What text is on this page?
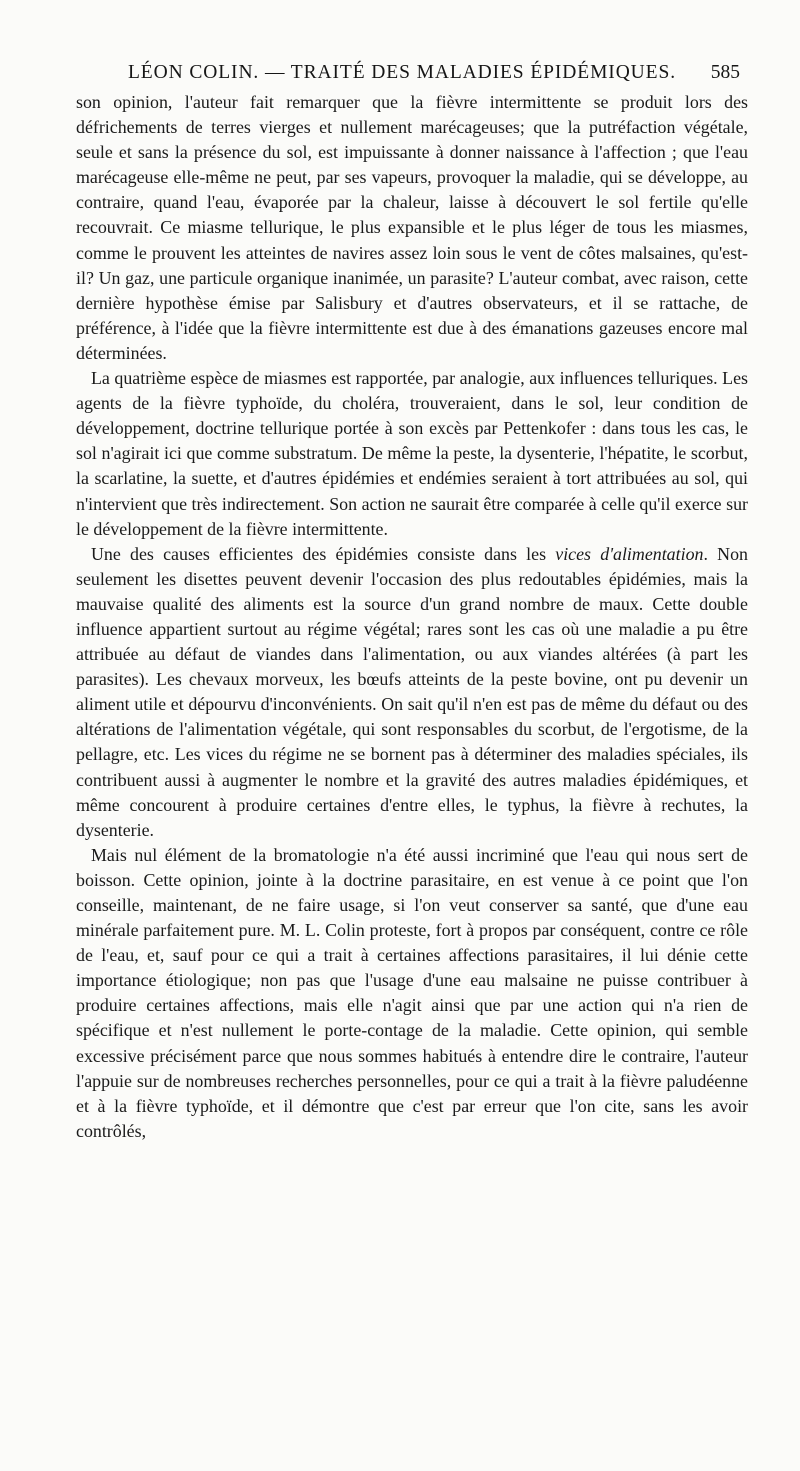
LÉON COLIN. — TRAITÉ DES MALADIES ÉPIDÉMIQUES.	585

son opinion, l'auteur fait remarquer que la fièvre intermittente se produit lors des défrichements de terres vierges et nullement marécageuses; que la putréfaction végétale, seule et sans la présence du sol, est impuissante à donner naissance à l'affection ; que l'eau marécageuse elle-même ne peut, par ses vapeurs, provoquer la maladie, qui se développe, au contraire, quand l'eau, évaporée par la chaleur, laisse à découvert le sol fertile qu'elle recouvrait. Ce miasme tellurique, le plus expansible et le plus léger de tous les miasmes, comme le prouvent les atteintes de navires assez loin sous le vent de côtes malsaines, qu'est-il? Un gaz, une particule organique inanimée, un parasite? L'auteur combat, avec raison, cette dernière hypothèse émise par Salisbury et d'autres observateurs, et il se rattache, de préférence, à l'idée que la fièvre intermittente est due à des émanations gazeuses encore mal déterminées.

La quatrième espèce de miasmes est rapportée, par analogie, aux influences telluriques. Les agents de la fièvre typhoïde, du choléra, trouveraient, dans le sol, leur condition de développement, doctrine tellurique portée à son excès par Pettenkofer : dans tous les cas, le sol n'agirait ici que comme substratum. De même la peste, la dysenterie, l'hépatite, le scorbut, la scarlatine, la suette, et d'autres épidémies et endémies seraient à tort attribuées au sol, qui n'intervient que très indirectement. Son action ne saurait être comparée à celle qu'il exerce sur le développement de la fièvre intermittente.

Une des causes efficientes des épidémies consiste dans les vices d'alimentation. Non seulement les disettes peuvent devenir l'occasion des plus redoutables épidémies, mais la mauvaise qualité des aliments est la source d'un grand nombre de maux. Cette double influence appartient surtout au régime végétal; rares sont les cas où une maladie a pu être attribuée au défaut de viandes dans l'alimentation, ou aux viandes altérées (à part les parasites). Les chevaux morveux, les bœufs atteints de la peste bovine, ont pu devenir un aliment utile et dépourvu d'inconvénients. On sait qu'il n'en est pas de même du défaut ou des altérations de l'alimentation végétale, qui sont responsables du scorbut, de l'ergotisme, de la pellagre, etc. Les vices du régime ne se bornent pas à déterminer des maladies spéciales, ils contribuent aussi à augmenter le nombre et la gravité des autres maladies épidémiques, et même concourent à produire certaines d'entre elles, le typhus, la fièvre à rechutes, la dysenterie.

Mais nul élément de la bromatologie n'a été aussi incriminé que l'eau qui nous sert de boisson. Cette opinion, jointe à la doctrine parasitaire, en est venue à ce point que l'on conseille, maintenant, de ne faire usage, si l'on veut conserver sa santé, que d'une eau minérale parfaitement pure. M. L. Colin proteste, fort à propos par conséquent, contre ce rôle de l'eau, et, sauf pour ce qui a trait à certaines affections parasitaires, il lui dénie cette importance étiologique; non pas que l'usage d'une eau malsaine ne puisse contribuer à produire certaines affections, mais elle n'agit ainsi que par une action qui n'a rien de spécifique et n'est nullement le porte-contage de la maladie. Cette opinion, qui semble excessive précisément parce que nous sommes habitués à entendre dire le contraire, l'auteur l'appuie sur de nombreuses recherches personnelles, pour ce qui a trait à la fièvre paludéenne et à la fièvre typhoïde, et il démontre que c'est par erreur que l'on cite, sans les avoir contrôlés,
